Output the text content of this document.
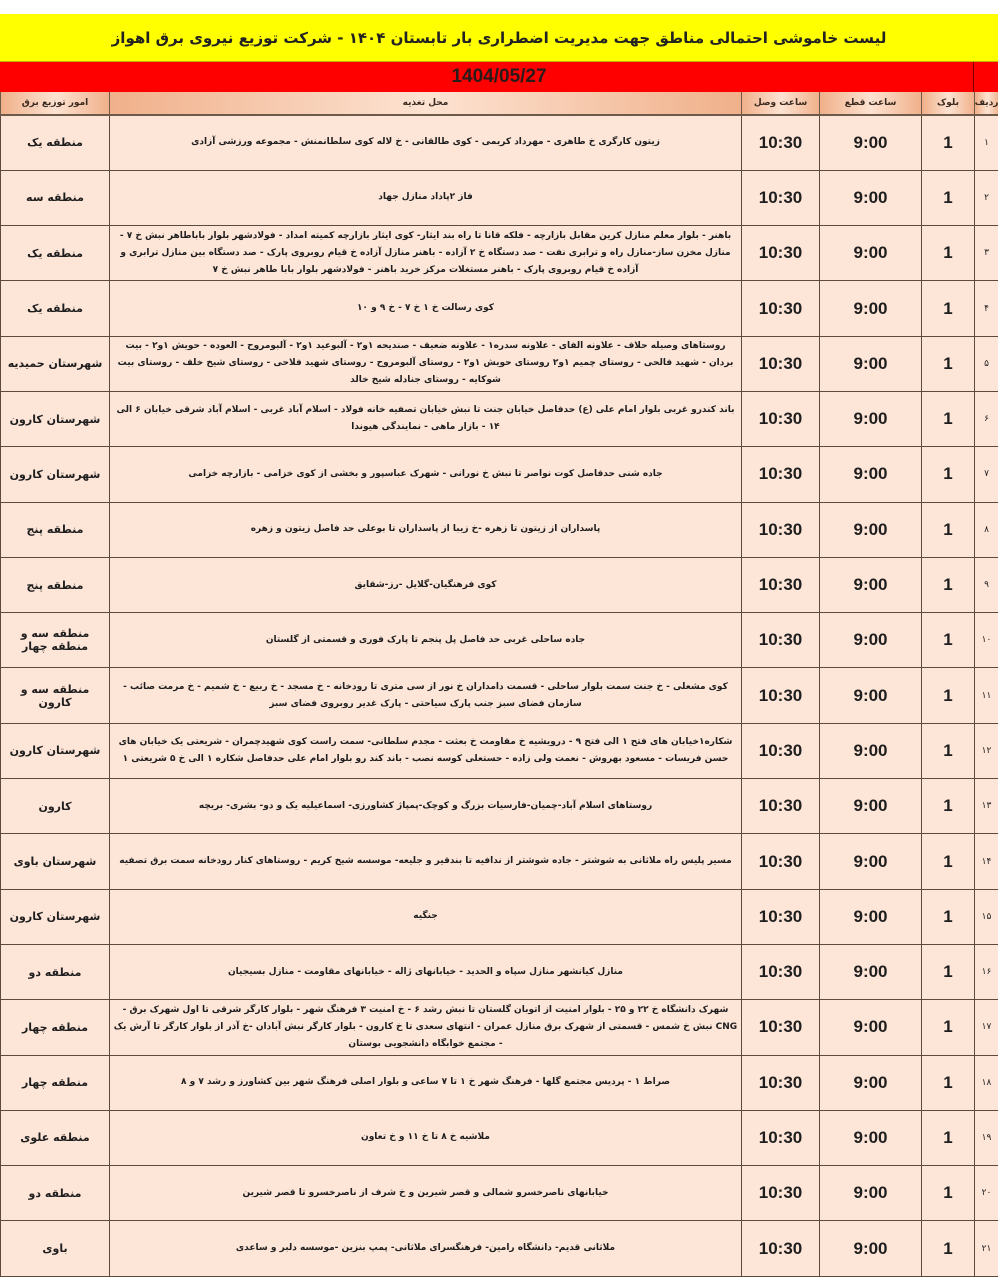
لیست خاموشی احتمالی مناطق جهت مدیریت اضطراری بار تابستان ۱۴۰۴ - شرکت توزیع نیروی برق اهواز
1404/05/27
ردیف	بلوک	ساعت قطع	ساعت وصل	محل تغذیه	امور توزیع برق
۱	1	9:00	10:30	زیتون کارگری خ طاهری - مهرداد کریمی - کوی طالقانی - خ لاله کوی سلطانمنش - مجموعه ورزشی آزادی	منطقه یک
۲	1	9:00	10:30	فاز ۲پاداد منازل جهاد	منطقه سه
۳	1	9:00	10:30	باهنر - بلوار معلم منازل کرین مقابل بازارچه - فلکه قانا تا راه بند ایثار- کوی ایثار بازارچه کمیته امداد - فولادشهر بلوار باباطاهر نبش خ ۷ - منازل مخزن ساز-منازل راه و ترابری نفت - صد دستگاه خ ۲ آزاده - باهنر منازل آزاده خ قیام روبروی پارک - صد دستگاه بین منازل ترابری و آزاده خ قیام روبروی پارک - باهنر مستغلات مرکز خرید باهنر - فولادشهر بلوار بابا طاهر نبش خ ۷	منطقه یک
۴	1	9:00	10:30	کوی رسالت خ ۱ خ ۷ - خ ۹ و ۱۰	منطقه یک
۵	1	9:00	10:30	روستاهای وصیله حلاف - علاونه الفای - علاونه سدره۱ - علاونه ضعیف - صندیحه ۱و۲ - آلبوعید ۱و۲ - آلبومروح - العوده - حویش ۱و۲ - بیت بردان - شهید فالحی - روستای چمیم ۱و۲ روستای حویش ۱و۲ - روستای آلبومروح - روستای شهید فلاحی - روستای شیخ خلف - روستای بیت شوکایه - روستای جنادله شیخ خالد	شهرستان حمیدیه
۶	1	9:00	10:30	باند کندرو غربی بلوار امام علی (ع) حدفاصل خیابان جنت تا نبش خیابان تصفیه خانه فولاد - اسلام آباد غربی - اسلام آباد شرقی خیابان ۶ الی ۱۴ - بازار ماهی - نمایندگی هیوندا	شهرستان کارون
۷	1	9:00	10:30	جاده شنی حدفاصل کوت نواصر تا نبش خ نورانی - شهرک عباسپور و بخشی از کوی خزامی - بازارچه خزامی	شهرستان کارون
۸	1	9:00	10:30	پاسداران از زیتون تا زهره -خ زیبا از پاسداران تا بوعلی حد فاصل زیتون و زهره	منطقه پنج
۹	1	9:00	10:30	کوی فرهنگیان-گلایل -رز-شقایق	منطقه پنج
۱۰	1	9:00	10:30	جاده ساحلی غربی حد فاصل پل پنجم تا پارک فوری و قسمتی از گلستان	منطقه سه و منطقه چهار
۱۱	1	9:00	10:30	کوی مشعلی - خ جنت سمت بلوار ساحلی - قسمت دامداران خ نور از سی متری تا رودخانه - خ مسجد - خ ربیع - خ شمیم - خ مرمت صائب - سازمان فضای سبز جنب پارک سیاحتی - پارک غدیر روبروی فضای سبز	منطقه سه و کارون
۱۲	1	9:00	10:30	شکاره۱خیابان های فتح ۱ الی فتح ۹ - درویشیه خ مقاومت خ بعثت - مجدم سلطانی- سمت راست کوی شهیدچمران - شریعتی یک خیابان های حسن فریسات - مسعود بهروش - نعمت ولی زاده - حستعلی کوسه نصب - باند کند رو بلوار امام علی حدفاصل شکاره ۱ الی خ ۵ شریعتی ۱	شهرستان کارون
۱۳	1	9:00	10:30	روستاهای اسلام آباد-چمیان-فارسیات بزرگ و کوچک-پمپاژ کشاورزی- اسماعیلیه یک و دو- بشری- بریچه	کارون
۱۴	1	9:00	10:30	مسیر پلیس راه ملاثانی به شوشتر - جاده شوشتر از ندافیه تا بندقیر و جلیعه- موسسه شیخ کریم - روستاهای کنار رودخانه سمت برق تصفیه	شهرستان باوی
۱۵	1	9:00	10:30	جنگیه	شهرستان کارون
۱۶	1	9:00	10:30	منازل کیانشهر منازل سپاه و الحدید - خیابانهای ژاله - خیابانهای مقاومت - منازل بسیجیان	منطقه دو
۱۷	1	9:00	10:30	شهرک دانشگاه خ ۲۲ و ۲۵ - بلوار امنیت از اتوبان گلستان تا نبش رشد ۶ - خ امنیت ۳ فرهنگ شهر - بلوار کارگر شرقی تا اول شهرک برق - CNG نبش خ شمس - قسمتی از شهرک برق منازل عمران - انتهای سعدی تا خ کارون - بلوار کارگر نبش آبادان -خ آذر از بلوار کارگر تا آرش یک - مجتمع خوابگاه دانشجویی بوستان	منطقه چهار
۱۸	1	9:00	10:30	صراط ۱ - پردیس مجتمع گلها - فرهنگ شهر خ ۱ تا ۷ ساعی و بلوار اصلی فرهنگ شهر بین کشاورز و رشد ۷ و ۸	منطقه چهار
۱۹	1	9:00	10:30	ملاشیه خ ۸ تا خ ۱۱ و خ تعاون	منطقه علوی
۲۰	1	9:00	10:30	خیابانهای ناصرخسرو شمالی و قصر شیرین و خ شرف از ناصرخسرو تا قصر شیرین	منطقه دو
۲۱	1	9:00	10:30	ملاثانی قدیم- دانشگاه رامین- فرهنگسرای ملاثانی- پمپ بنزین -موسسه دلبر و ساعدی	باوی
